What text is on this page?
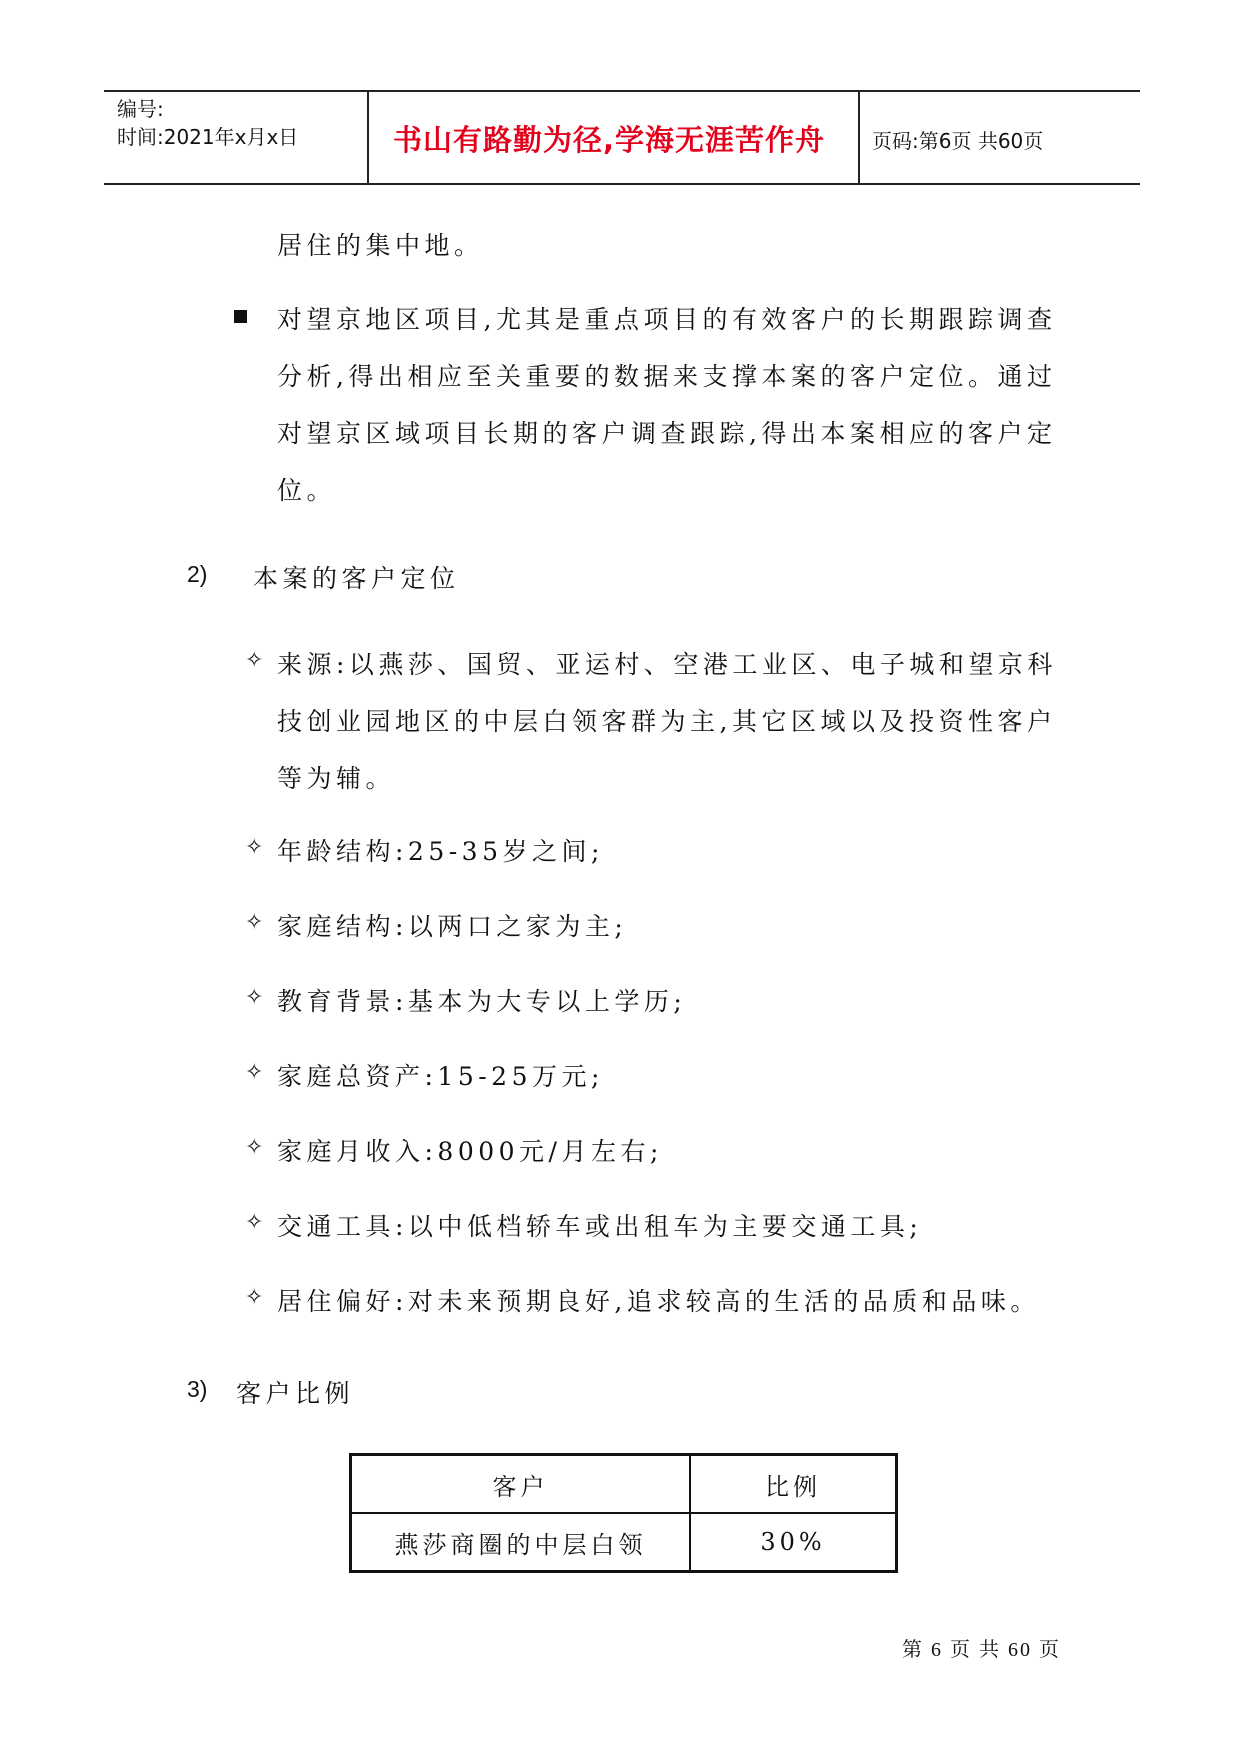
编号:
时间:2021年x月x日	书山有路勤为径,学海无涯苦作舟 页码:第6页 共60页
居住的集中地。
对望京地区项目,尤其是重点项目的有效客户的长期跟踪调查
分析,得出相应至关重要的数据来支撑本案的客户定位。通过
对望京区域项目长期的客户调查跟踪,得出本案相应的客户定
位。
2) 本案的客户定位
✧ 来源:以燕莎、国贸、亚运村、空港工业区、电子城和望京科
技创业园地区的中层白领客群为主,其它区域以及投资性客户
等为辅。
✧ 年龄结构:25-35岁之间;
✧ 家庭结构:以两口之家为主;
✧ 教育背景:基本为大专以上学历;
✧ 家庭总资产:15-25万元;
✧ 家庭月收入:8000元/月左右;
✧ 交通工具:以中低档轿车或出租车为主要交通工具;
✧ 居住偏好:对未来预期良好,追求较高的生活的品质和品味。
3) 客户比例
客户	比例
燕莎商圈的中层白领	30%
第 6 页 共 60 页
